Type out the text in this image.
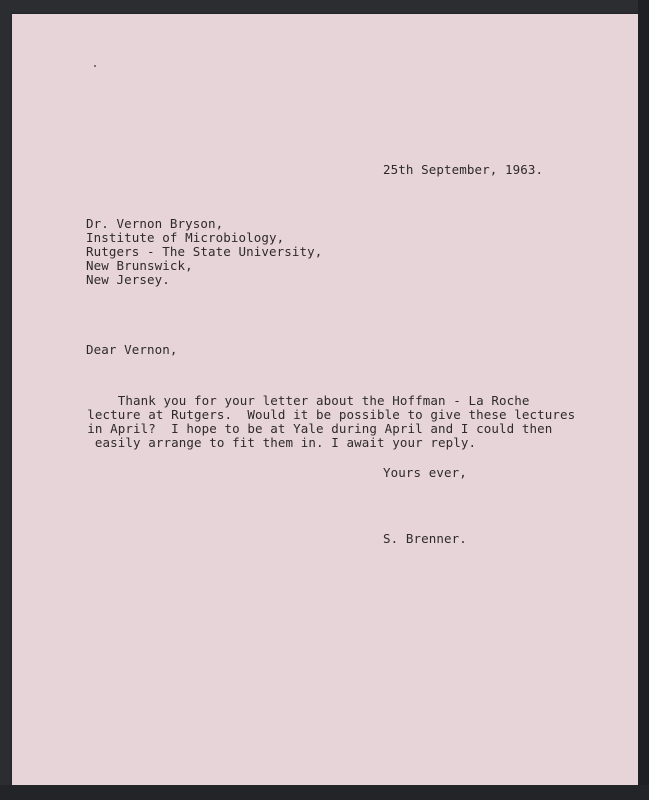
25th September, 1963.
Dr. Vernon Bryson,
Institute of Microbiology,
Rutgers - The State University,
New Brunswick,
New Jersey.
Dear Vernon,
Thank you for your letter about the Hoffman - La Roche
lecture at Rutgers.  Would it be possible to give these lectures
in April?  I hope to be at Yale during April and I could then
easily arrange to fit them in. I await your reply.
Yours ever,
S. Brenner.
